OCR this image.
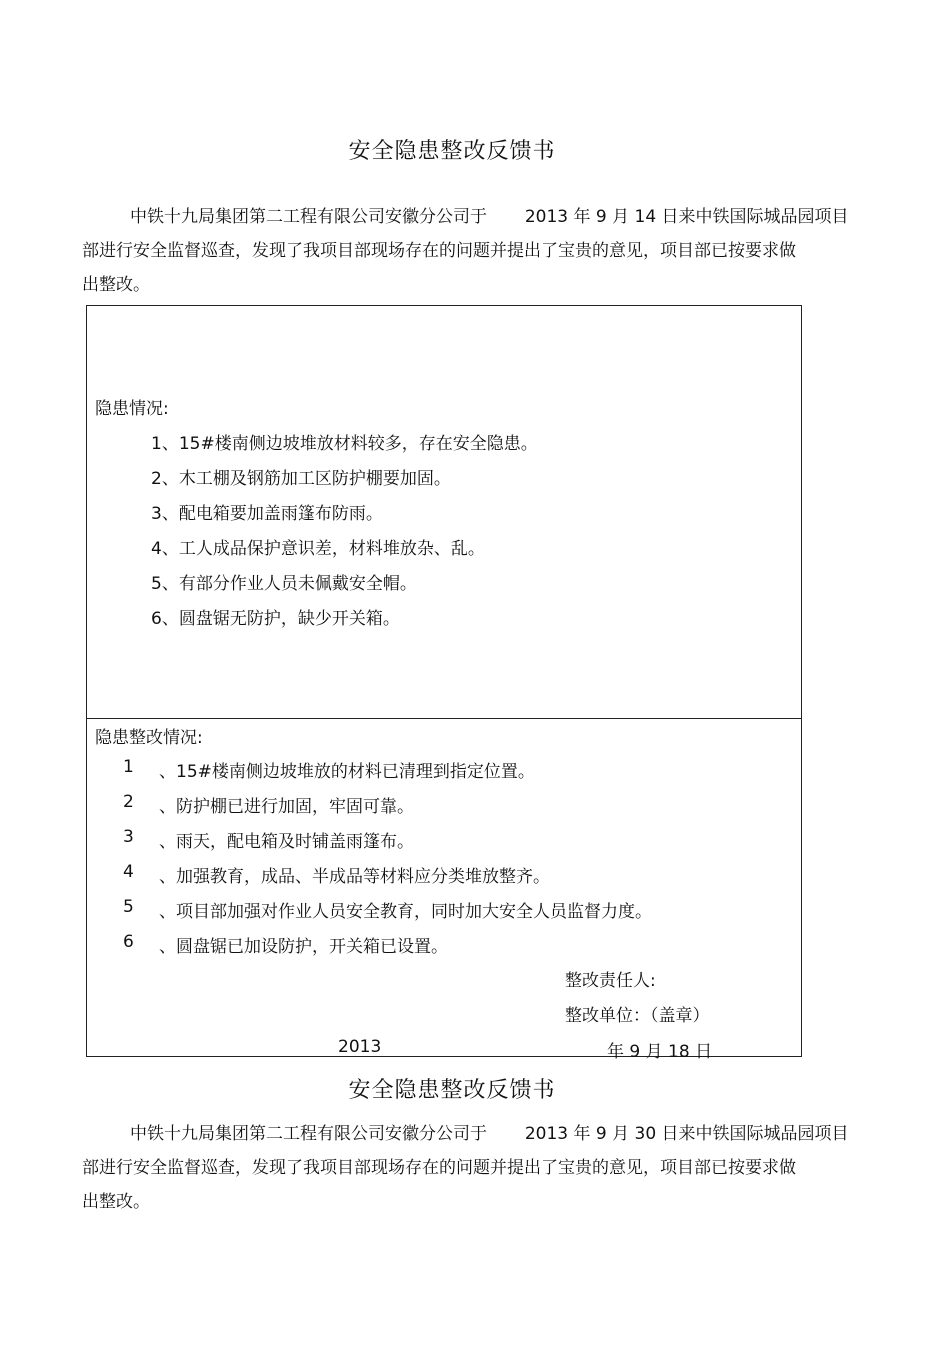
安全隐患整改反馈书
中铁十九局集团第二工程有限公司安徽分公司于       2013 年 9 月 14 日来中铁国际城品园项目
部进行安全监督巡查，发现了我项目部现场存在的问题并提出了宝贵的意见，项目部已按要求做
出整改。
隐患情况:
1、15#楼南侧边坡堆放材料较多，存在安全隐患。
2、木工棚及钢筋加工区防护棚要加固。
3、配电箱要加盖雨篷布防雨。
4、工人成品保护意识差，材料堆放杂、乱。
5、有部分作业人员未佩戴安全帽。
6、圆盘锯无防护，缺少开关箱。
隐患整改情况:
1 、15#楼南侧边坡堆放的材料已清理到指定位置。
2 、防护棚已进行加固，牢固可靠。
3 、雨天，配电箱及时铺盖雨篷布。
4 、加强教育，成品、半成品等材料应分类堆放整齐。
5 、项目部加强对作业人员安全教育，同时加大安全人员监督力度。
6 、圆盘锯已加设防护，开关箱已设置。
整改责任人:
整改单位：（盖章）
2013	年 9 月 18 日
安全隐患整改反馈书
中铁十九局集团第二工程有限公司安徽分公司于       2013 年 9 月 30 日来中铁国际城品园项目
部进行安全监督巡查，发现了我项目部现场存在的问题并提出了宝贵的意见，项目部已按要求做
出整改。
